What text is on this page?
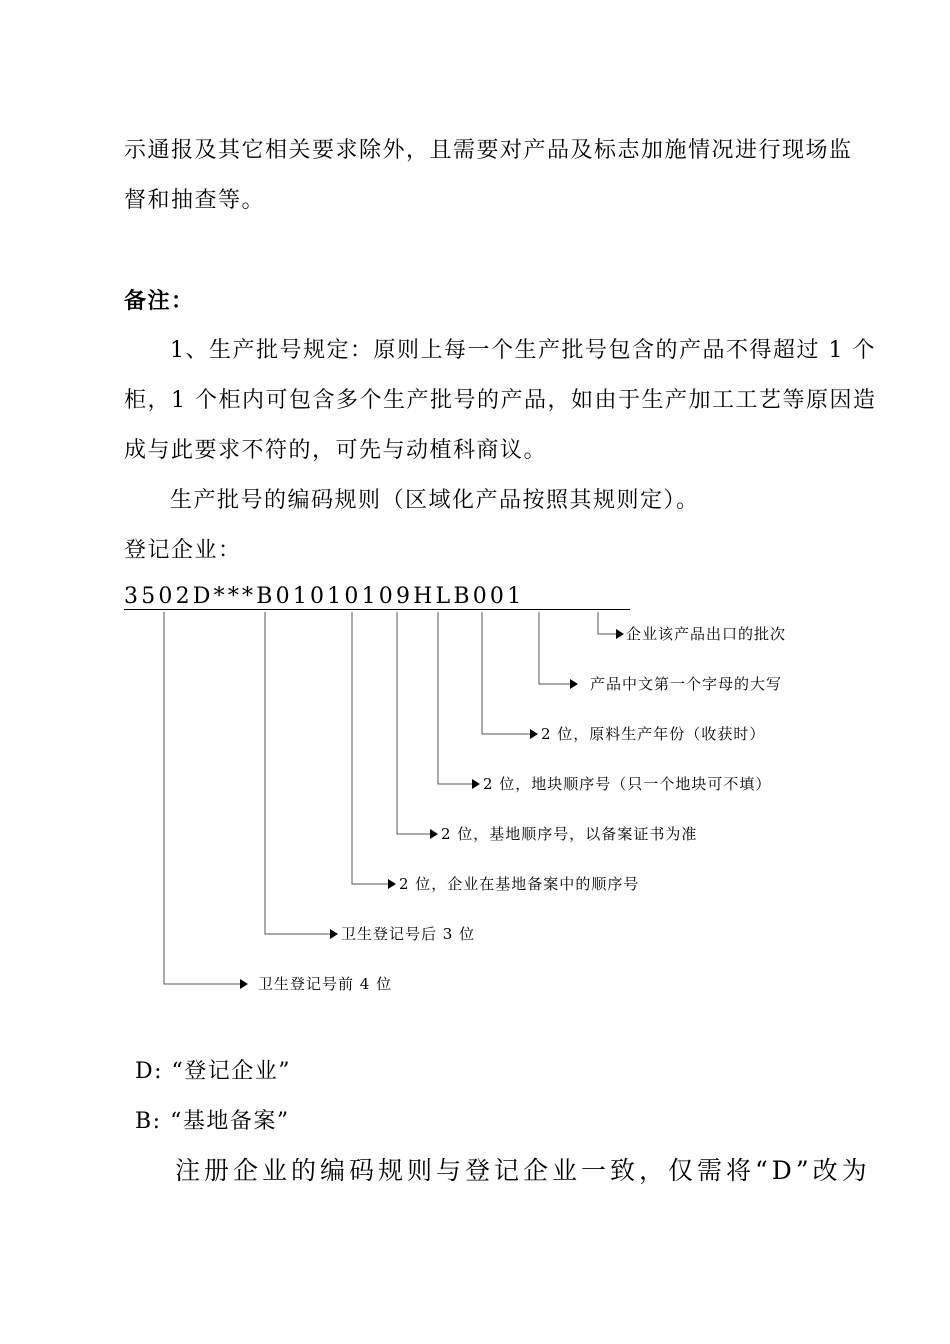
示通报及其它相关要求除外，且需要对产品及标志加施情况进行现场监
督和抽查等。
备注：
1、生产批号规定：原则上每一个生产批号包含的产品不得超过 1 个
柜，1 个柜内可包含多个生产批号的产品，如由于生产加工工艺等原因造
成与此要求不符的，可先与动植科商议。
生产批号的编码规则（区域化产品按照其规则定）。
登记企业：
3502D***B01010109HLB001
企业该产品出口的批次
产品中文第一个字母的大写
2 位，原料生产年份（收获时）
2 位，地块顺序号（只一个地块可不填）
2 位，基地顺序号，以备案证书为准
2 位，企业在基地备案中的顺序号
卫生登记号后 3 位
卫生登记号前 4 位
D: “登记企业”
B: “基地备案”
注册企业的编码规则与登记企业一致，仅需将“D”改为
